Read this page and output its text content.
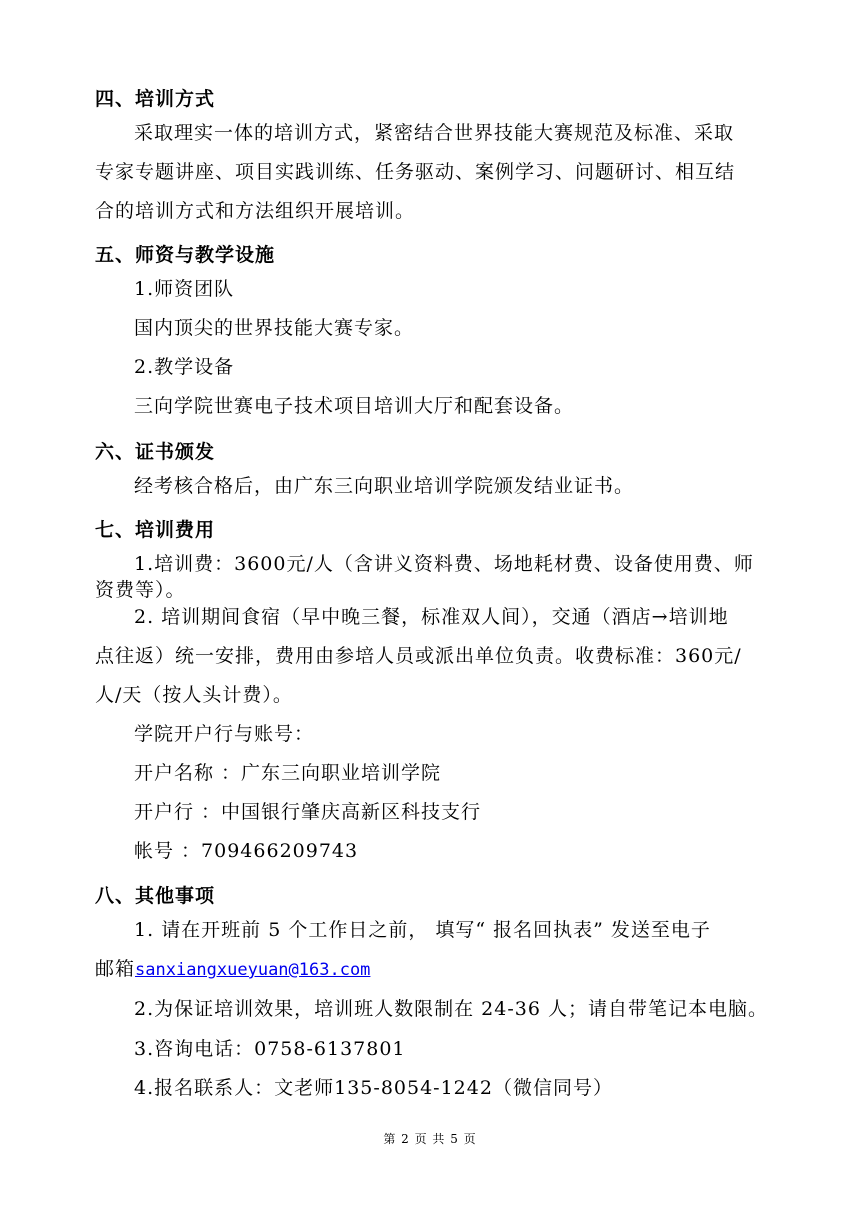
四、培训方式
采取理实一体的培训方式，紧密结合世界技能大赛规范及标准、采取
专家专题讲座、项目实践训练、任务驱动、案例学习、问题研讨、相互结
合的培训方式和方法组织开展培训。
五、师资与教学设施
1.师资团队
国内顶尖的世界技能大赛专家。
2.教学设备
三向学院世赛电子技术项目培训大厅和配套设备。
六、证书颁发
经考核合格后，由广东三向职业培训学院颁发结业证书。
七、培训费用
1.培训费：3600元/人（含讲义资料费、场地耗材费、设备使用费、师
资费等）。
2. 培训期间食宿（早中晚三餐，标准双人间），交通（酒店→培训地
点往返）统一安排，费用由参培人员或派出单位负责。收费标准：360元/
人/天（按人头计费）。
学院开户行与账号：
开户名称 ：广东三向职业培训学院
开户行 ：中国银行肇庆高新区科技支行
帐号 ：709466209743
八、其他事项
1. 请在开班前 5 个工作日之前， 填写“ 报名回执表” 发送至电子
邮箱sanxiangxueyuan@163.com
2.为保证培训效果，培训班人数限制在 24-36 人；请自带笔记本电脑。
3.咨询电话：0758-6137801
4.报名联系人：文老师135-8054-1242（微信同号）
第 2 页 共 5 页
